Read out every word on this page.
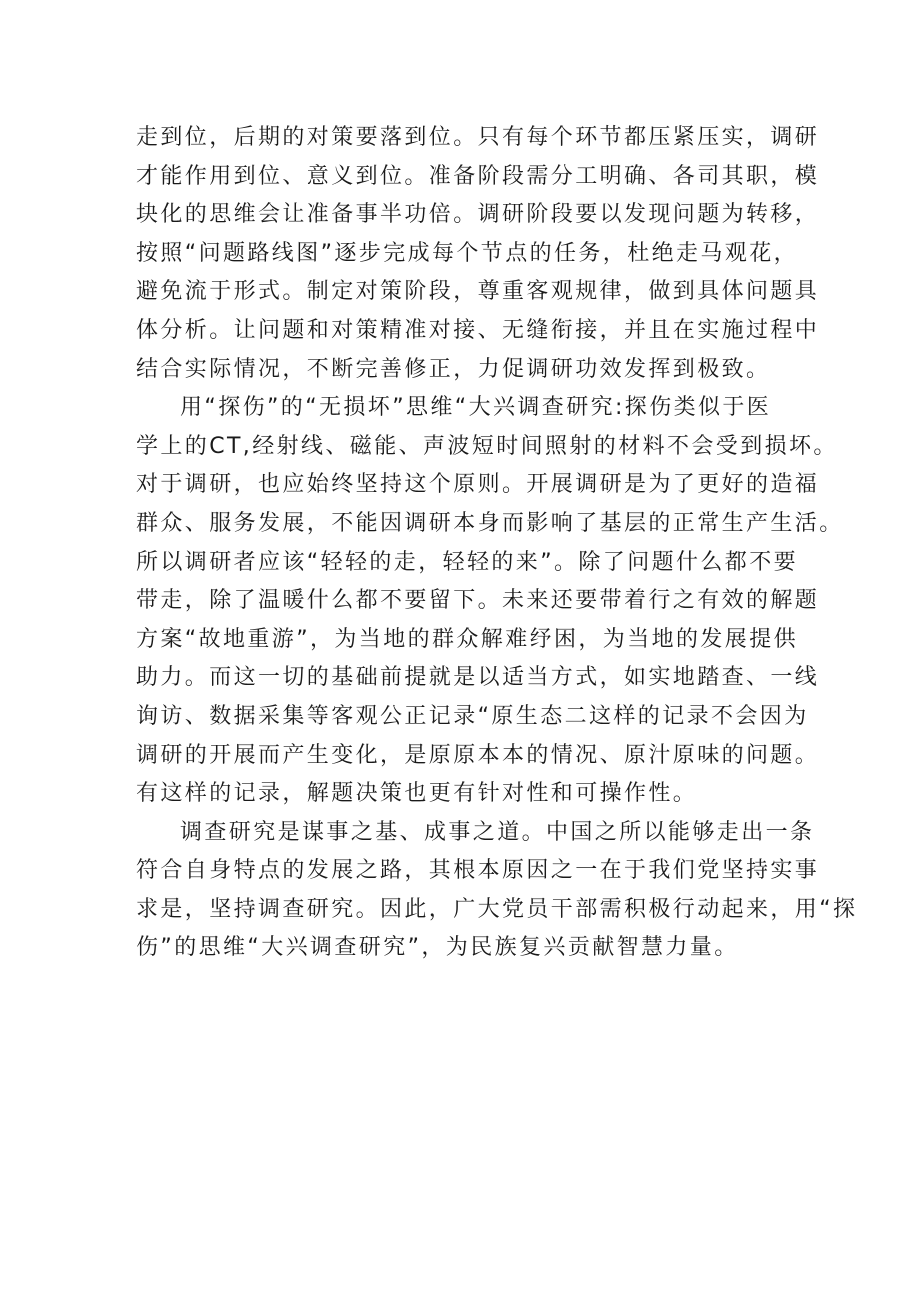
走到位，后期的对策要落到位。只有每个环节都压紧压实，调研
才能作用到位、意义到位。准备阶段需分工明确、各司其职，模
块化的思维会让准备事半功倍。调研阶段要以发现问题为转移，
按照“问题路线图”逐步完成每个节点的任务，杜绝走马观花，
避免流于形式。制定对策阶段，尊重客观规律，做到具体问题具
体分析。让问题和对策精准对接、无缝衔接，并且在实施过程中
结合实际情况，不断完善修正，力促调研功效发挥到极致。
用“探伤”的“无损坏”思维“大兴调查研究:探伤类似于医
学上的CT,经射线、磁能、声波短时间照射的材料不会受到损坏。
对于调研，也应始终坚持这个原则。开展调研是为了更好的造福
群众、服务发展，不能因调研本身而影响了基层的正常生产生活。
所以调研者应该“轻轻的走，轻轻的来”。除了问题什么都不要
带走，除了温暖什么都不要留下。未来还要带着行之有效的解题
方案“故地重游”，为当地的群众解难纾困，为当地的发展提供
助力。而这一切的基础前提就是以适当方式，如实地踏查、一线
询访、数据采集等客观公正记录“原生态二这样的记录不会因为
调研的开展而产生变化，是原原本本的情况、原汁原味的问题。
有这样的记录，解题决策也更有针对性和可操作性。
调查研究是谋事之基、成事之道。中国之所以能够走出一条
符合自身特点的发展之路，其根本原因之一在于我们党坚持实事
求是，坚持调查研究。因此，广大党员干部需积极行动起来，用“探
伤”的思维“大兴调查研究”，为民族复兴贡献智慧力量。
